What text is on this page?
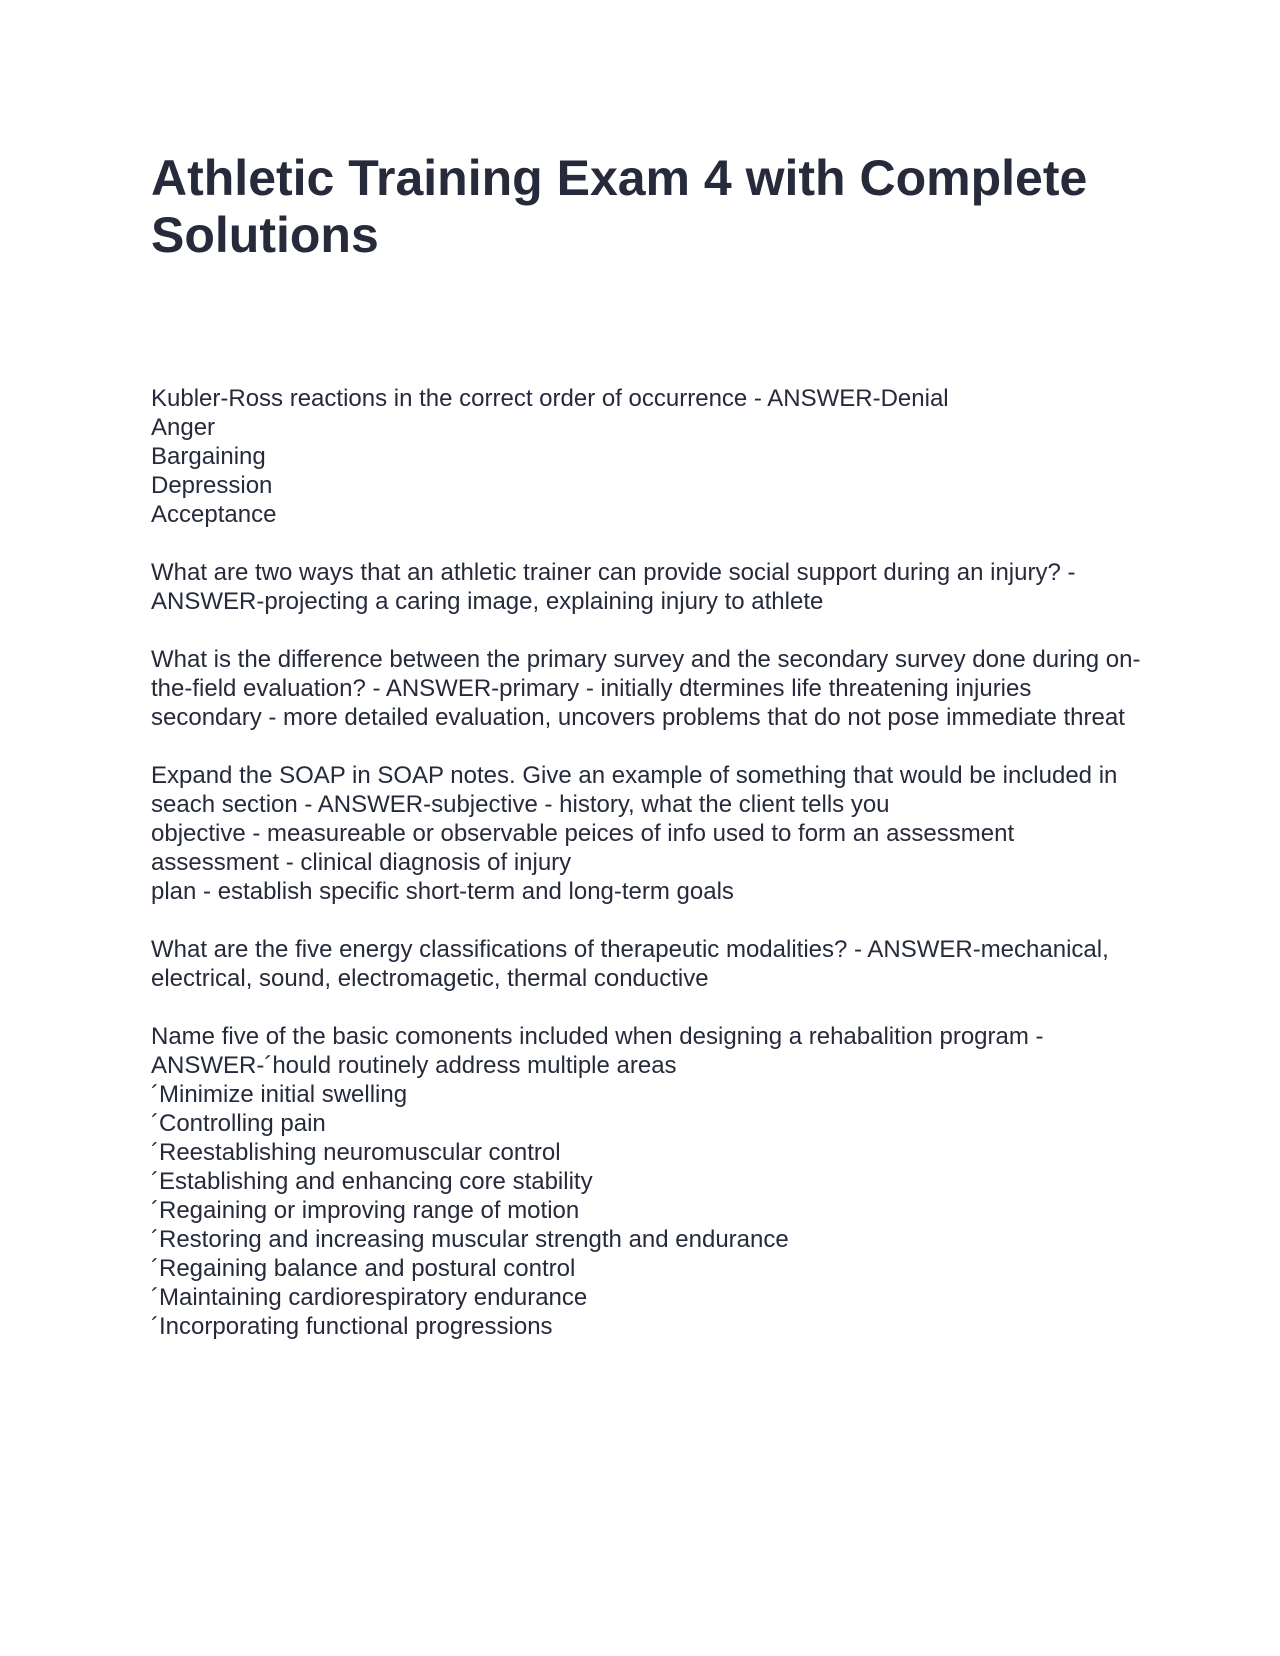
Athletic Training Exam 4 with Complete Solutions
Kubler-Ross reactions in the correct order of occurrence - ANSWER-Denial
Anger
Bargaining
Depression
Acceptance
What are two ways that an athletic trainer can provide social support during an injury? - ANSWER-projecting a caring image, explaining injury to athlete
What is the difference between the primary survey and the secondary survey done during on-the-field evaluation? - ANSWER-primary - initially dtermines life threatening injuries
secondary - more detailed evaluation, uncovers problems that do not pose immediate threat
Expand the SOAP in SOAP notes. Give an example of something that would be included in seach section - ANSWER-subjective - history, what the client tells you
objective - measureable or observable peices of info used to form an assessment
assessment - clinical diagnosis of injury
plan - establish specific short-term and long-term goals
What are the five energy classifications of therapeutic modalities? - ANSWER-mechanical, electrical, sound, electromagetic, thermal conductive
Name five of the basic comonents included when designing a rehabalition program - ANSWER-´hould routinely address multiple areas
´Minimize initial swelling
´Controlling pain
´Reestablishing neuromuscular control
´Establishing and enhancing core stability
´Regaining or improving range of motion
´Restoring and increasing muscular strength and endurance
´Regaining balance and postural control
´Maintaining cardiorespiratory endurance
´Incorporating functional progressions
